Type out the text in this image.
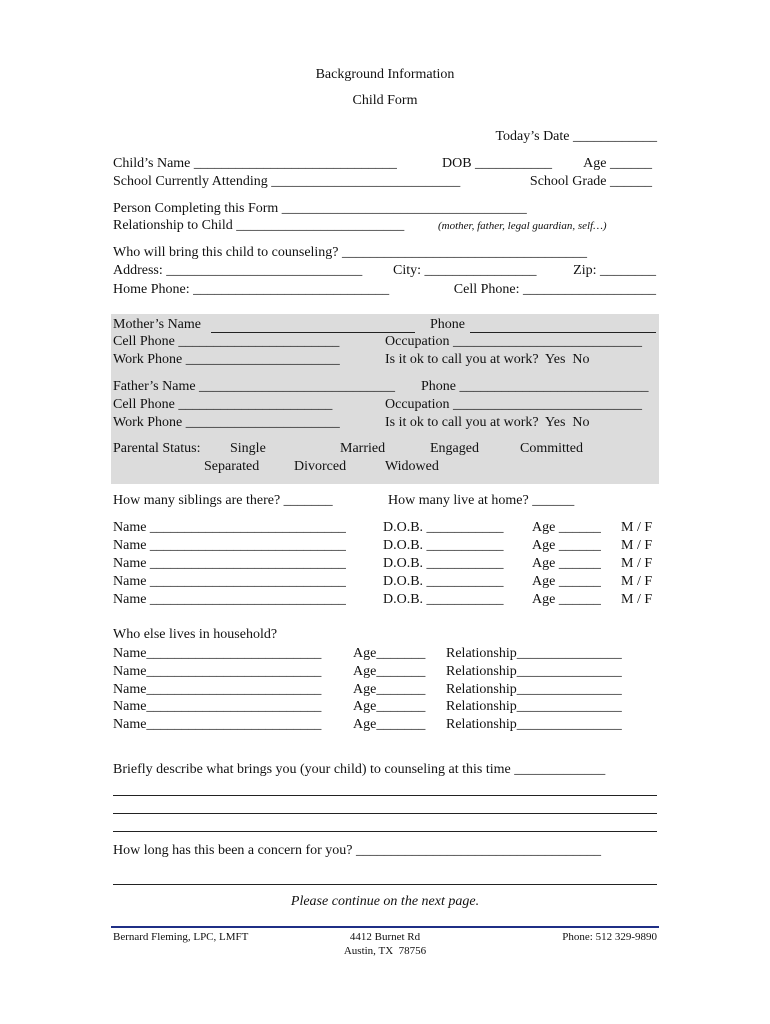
Background Information
Child Form
Today’s Date ____________
Child’s Name _____________________________	DOB ___________	Age ______
School Currently Attending ___________________________	School Grade ______
Person Completing this Form ___________________________________
Relationship to Child ________________________	(mother, father, legal guardian, self…)
Who will bring this child to counseling? ___________________________________
Address: ____________________________ City: ________________	Zip: ________
Home Phone: ____________________________	Cell Phone: ___________________
Mother’s Name	Phone
Cell Phone _______________________	Occupation ___________________________
Work Phone ______________________	Is it ok to call you at work?  Yes  No
Father’s Name ____________________________ Phone ___________________________
Cell Phone ______________________	Occupation ___________________________
Work Phone ______________________	Is it ok to call you at work?  Yes  No
Parental Status: Single	Married	Engaged	Committed
Separated Divorced	Widowed
How many siblings are there? _______	How many live at home? ______
Name ____________________________	D.O.B. ___________ Age ______ M / F
Name ____________________________	D.O.B. ___________ Age ______ M / F
Name ____________________________	D.O.B. ___________ Age ______ M / F
Name ____________________________	D.O.B. ___________ Age ______ M / F
Name ____________________________	D.O.B. ___________ Age ______ M / F
Who else lives in household?
Name_________________________ Age_______ Relationship_______________
Name_________________________ Age_______ Relationship_______________
Name_________________________ Age_______ Relationship_______________
Name_________________________ Age_______ Relationship_______________
Name_________________________ Age_______ Relationship_______________
Briefly describe what brings you (your child) to counseling at this time _____________
How long has this been a concern for you? ___________________________________
Please continue on the next page.
Bernard Fleming, LPC, LMFT	4412 Burnet Rd
Austin, TX  78756
Phone: 512 329-9890
